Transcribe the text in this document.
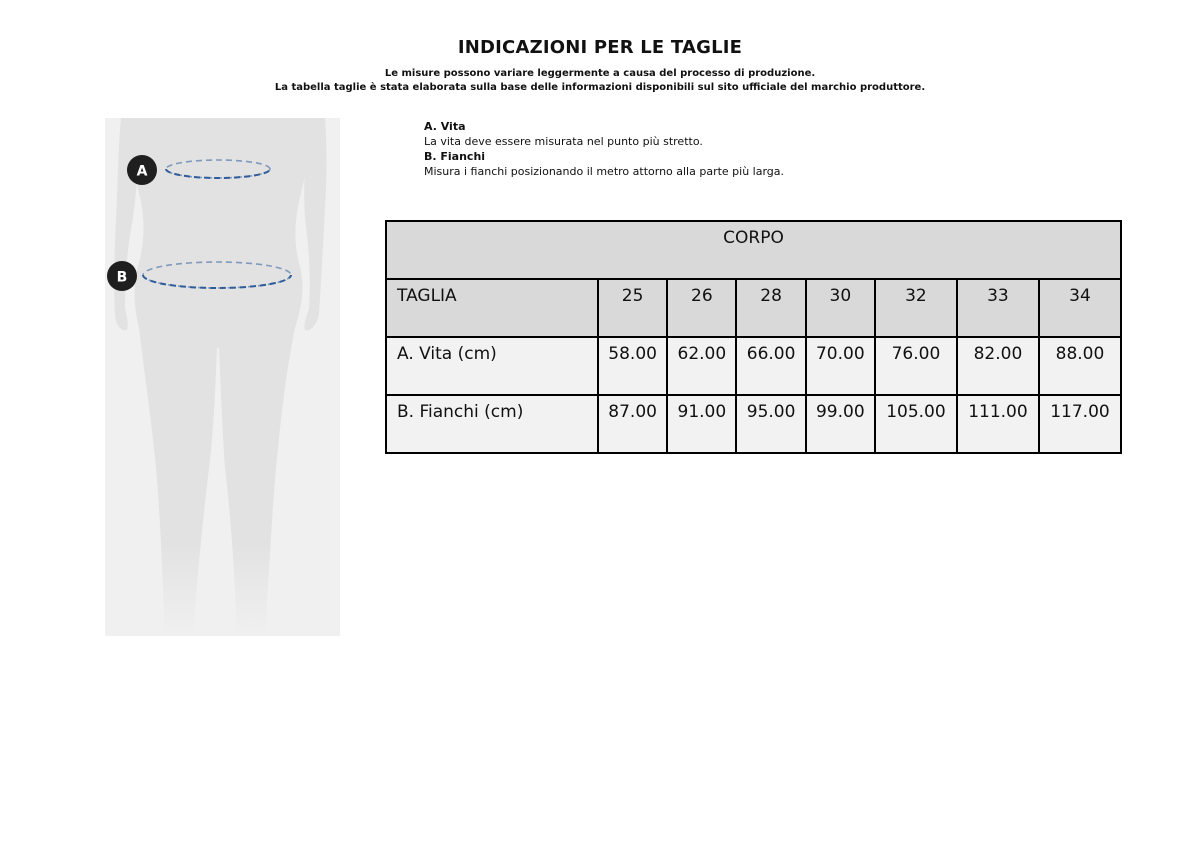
INDICAZIONI PER LE TAGLIE
Le misure possono variare leggermente a causa del processo di produzione.
La tabella taglie è stata elaborata sulla base delle informazioni disponibili sul sito ufficiale del marchio produttore.
A
B
A. Vita
La vita deve essere misurata nel punto più stretto.
B. Fianchi
Misura i fianchi posizionando il metro attorno alla parte più larga.
CORPO							
TAGLIA	25	26	28	30	32	33	34
A. Vita (cm)	58.00	62.00	66.00	70.00	76.00	82.00	88.00
B. Fianchi (cm)	87.00	91.00	95.00	99.00	105.00	111.00	117.00
